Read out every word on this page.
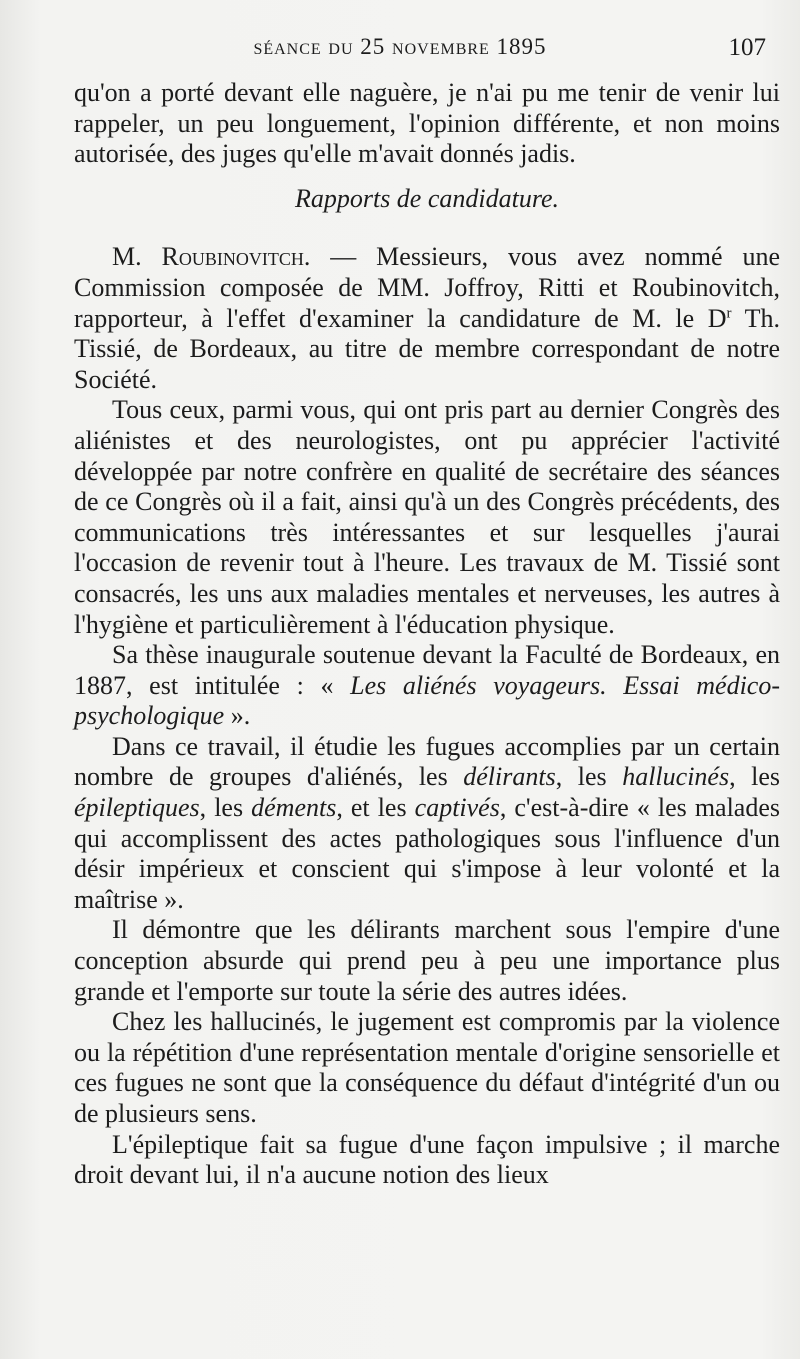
séance du 25 novembre 1895	107

qu'on a porté devant elle naguère, je n'ai pu me tenir de venir lui rappeler, un peu longuement, l'opinion différente, et non moins autorisée, des juges qu'elle m'avait donnés jadis.

Rapports de candidature.

M. Roubinovitch. — Messieurs, vous avez nommé une Commission composée de MM. Joffroy, Ritti et Roubinovitch, rapporteur, à l'effet d'examiner la candidature de M. le $D^r$ Th. Tissié, de Bordeaux, au titre de membre correspondant de notre Société.

Tous ceux, parmi vous, qui ont pris part au dernier Congrès des aliénistes et des neurologistes, ont pu apprécier l'activité développée par notre confrère en qualité de secrétaire des séances de ce Congrès où il a fait, ainsi qu'à un des Congrès précédents, des communications très intéressantes et sur lesquelles j'aurai l'occasion de revenir tout à l'heure. Les travaux de M. Tissié sont consacrés, les uns aux maladies mentales et nerveuses, les autres à l'hygiène et particulièrement à l'éducation physique.

Sa thèse inaugurale soutenue devant la Faculté de Bordeaux, en 1887, est intitulée : « Les aliénés voyageurs. Essai médico-psychologique ».

Dans ce travail, il étudie les fugues accomplies par un certain nombre de groupes d'aliénés, les délirants, les hallucinés, les épileptiques, les déments, et les captivés, c'est-à-dire « les malades qui accomplissent des actes pathologiques sous l'influence d'un désir impérieux et conscient qui s'impose à leur volonté et la maîtrise ».

Il démontre que les délirants marchent sous l'empire d'une conception absurde qui prend peu à peu une importance plus grande et l'emporte sur toute la série des autres idées.

Chez les hallucinés, le jugement est compromis par la violence ou la répétition d'une représentation mentale d'origine sensorielle et ces fugues ne sont que la conséquence du défaut d'intégrité d'un ou de plusieurs sens.

L'épileptique fait sa fugue d'une façon impulsive ; il marche droit devant lui, il n'a aucune notion des lieux
